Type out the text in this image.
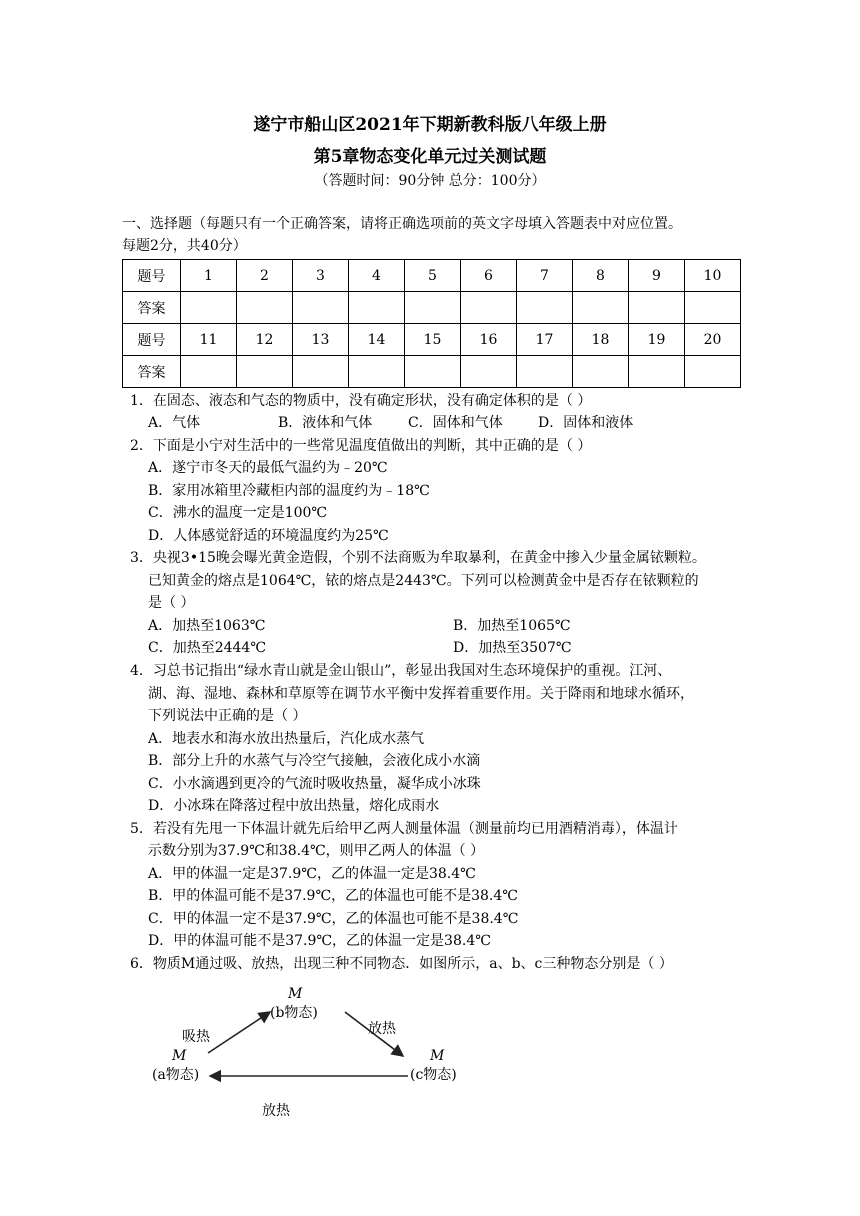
遂宁市船山区2021年下期新教科版八年级上册
第5章物态变化单元过关测试题
（答题时间：90分钟 总分：100分）
一、选择题（每题只有一个正确答案，请将正确选项前的英文字母填入答题表中对应位置。
每题2分，共40分）
题号	1	2	3	4	5	6	7	8	9	10
答案										
题号	11	12	13	14	15	16	17	18	19	20
答案										
1．在固态、液态和气态的物质中，没有确定形状，没有确定体积的是（ ）
A．气体	B．液体和气体	C．固体和气体	D．固体和液体
2．下面是小宁对生活中的一些常见温度值做出的判断，其中正确的是（ ）
A．遂宁市冬天的最低气温约为﹣20℃
B．家用冰箱里冷藏柜内部的温度约为﹣18℃
C．沸水的温度一定是100℃
D．人体感觉舒适的环境温度约为25℃
3．央视3•15晚会曝光黄金造假，个别不法商贩为牟取暴利，在黄金中掺入少量金属铱颗粒。
已知黄金的熔点是1064℃，铱的熔点是2443℃。下列可以检测黄金中是否存在铱颗粒的
是（ ）
A．加热至1063℃	B．加热至1065℃
C．加热至2444℃	D．加热至3507℃
4．习总书记指出“绿水青山就是金山银山”，彰显出我国对生态环境保护的重视。江河、
湖、海、湿地、森林和草原等在调节水平衡中发挥着重要作用。关于降雨和地球水循环，
下列说法中正确的是（ ）
A．地表水和海水放出热量后，汽化成水蒸气
B．部分上升的水蒸气与冷空气接触，会液化成小水滴
C．小水滴遇到更冷的气流时吸收热量，凝华成小冰珠
D．小冰珠在降落过程中放出热量，熔化成雨水
5．若没有先甩一下体温计就先后给甲乙两人测量体温（测量前均已用酒精消毒），体温计
示数分别为37.9℃和38.4℃，则甲乙两人的体温（ ）
A．甲的体温一定是37.9℃，乙的体温一定是38.4℃
B．甲的体温可能不是37.9℃，乙的体温也可能不是38.4℃
C．甲的体温一定不是37.9℃，乙的体温也可能不是38.4℃
D．甲的体温可能不是37.9℃，乙的体温一定是38.4℃
6．物质M通过吸、放热，出现三种不同物态．如图所示，a、b、c三种物态分别是（ ）
M
(b物态)
M
(a物态)
M
(c物态)
吸热	放热
放热
